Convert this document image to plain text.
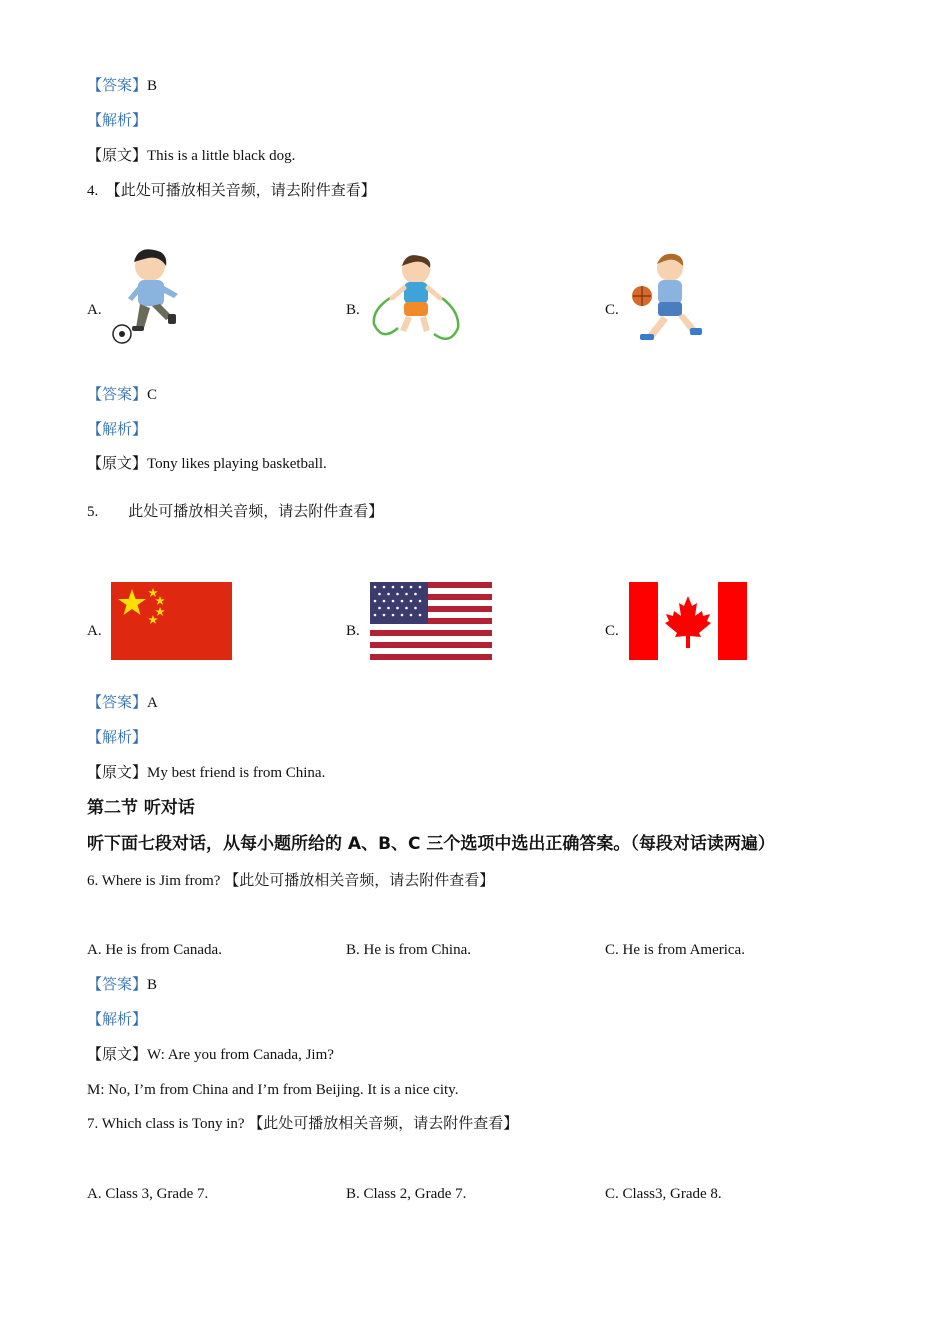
【答案】B
【解析】
【原文】This is a little black dog.
4.　【此处可播放相关音频，请去附件查看】
A.	B.	C.
【答案】C
【解析】
【原文】Tony likes playing basketball.
5.　　此处可播放相关音频，请去附件查看】
A.	B.	C.
【答案】A
【解析】
【原文】My best friend is from China.
第二节 听对话
听下面七段对话，从每小题所给的 A、B、C 三个选项中选出正确答案。（每段对话读两遍）
6. Where is Jim from? 【此处可播放相关音频，请去附件查看】
A. He is from Canada.	B. He is from China.	C. He is from America.
【答案】B
【解析】
【原文】W: Are you from Canada, Jim?
M: No, I’m from China and I’m from Beijing. It is a nice city.
7. Which class is Tony in? 【此处可播放相关音频，请去附件查看】
A. Class 3, Grade 7.	B. Class 2, Grade 7.	C. Class3, Grade 8.
